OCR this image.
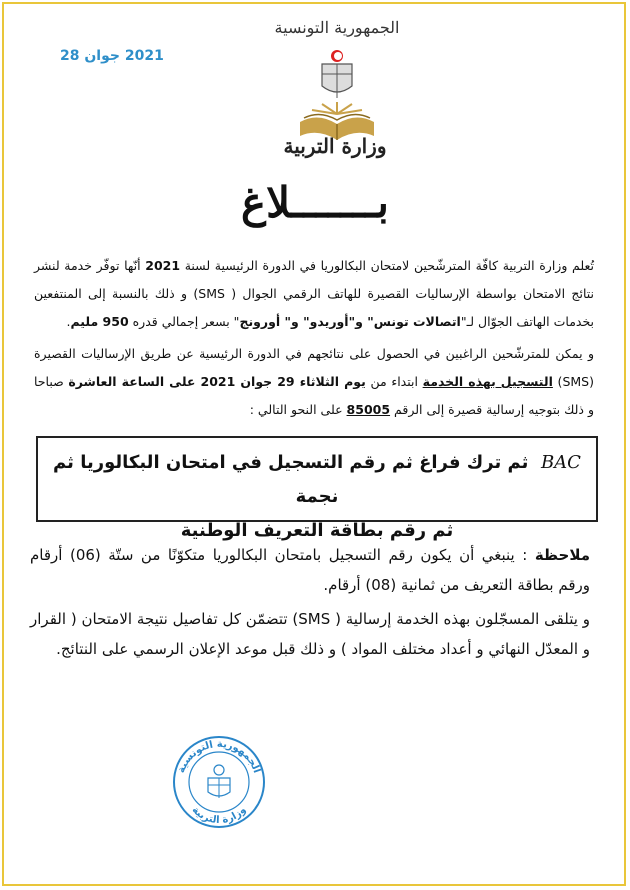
2021 جوان 28
الجمهورية التونسية
وزارة التربية
بـــــــلاغ
تُعلم وزارة التربية كافّة المترشّحين لامتحان البكالوريا في الدورة الرئيسية لسنة 2021 أنّها توفّر خدمة لنشر نتائج الامتحان بواسطة الإرساليات القصيرة للهاتف الرقمي الجوال ( SMS) و ذلك بالنسبة إلى المنتفعين بخدمات الهاتف الجوّال لـ"اتصالات تونس" و"أوريدو" و" أورونج" بسعر إجمالي قدره 950 مليم.
و يمكن للمترشّحين الراغبين في الحصول على نتائجهم في الدورة الرئيسية عن طريق الإرساليات القصيرة (SMS) التسجيل بهذه الخدمة ابتداء من يوم الثلاثاء 29 جوان 2021 على الساعة العاشرة صباحا و ذلك بتوجيه إرسالية قصيرة إلى الرقم 85005 على النحو التالي :
BAC  ثم ترك فراغ ثم رقم التسجيل في امتحان البكالوريا ثم نجمة
ثم رقم بطاقة التعريف الوطنية
ملاحظة : ينبغي أن يكون رقم التسجيل بامتحان البكالوريا متكوّنًا من ستّة (06) أرقام ورقم بطاقة التعريف من ثمانية (08) أرقام.
و يتلقى المسجّلون بهذه الخدمة إرسالية ( SMS) تتضمّن كل تفاصيل نتيجة الامتحان ( القرار و المعدّل النهائي و أعداد مختلف المواد ) و ذلك قبل موعد الإعلان الرسمي على النتائج.
الجمهورية التونسية
وزارة التربية
